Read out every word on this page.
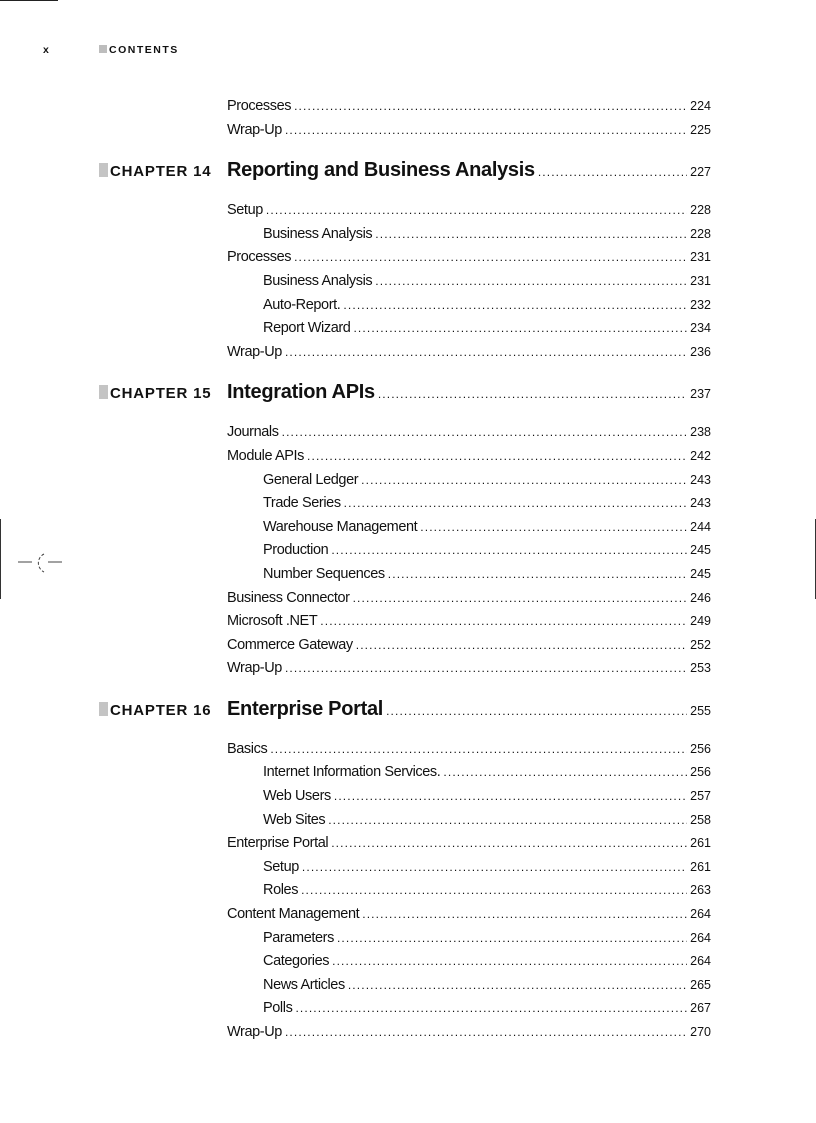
x	CONTENTS
Processes . . .	224
Wrap-Up . . .	225
CHAPTER 14 Reporting and Business Analysis . . .	227
Setup . . .	228
Business Analysis . . .	228
Processes . . .	231
Business Analysis . . .	231
Auto-Report. . . .	232
Report Wizard . . .	234
Wrap-Up . . .	236
CHAPTER 15 Integration APIs . . .	237
Journals . . .	238
Module APIs . . .	242
General Ledger . . .	243
Trade Series . . .	243
Warehouse Management . . .	244
Production . . .	245
Number Sequences . . .	245
Business Connector . . .	246
Microsoft .NET . . .	249
Commerce Gateway . . .	252
Wrap-Up . . .	253
CHAPTER 16 Enterprise Portal . . .	255
Basics . . .	256
Internet Information Services. . . .	256
Web Users . . .	257
Web Sites . . .	258
Enterprise Portal . . .	261
Setup . . .	261
Roles . . .	263
Content Management . . .	264
Parameters . . .	264
Categories . . .	264
News Articles . . .	265
Polls . . .	267
Wrap-Up . . .	270
